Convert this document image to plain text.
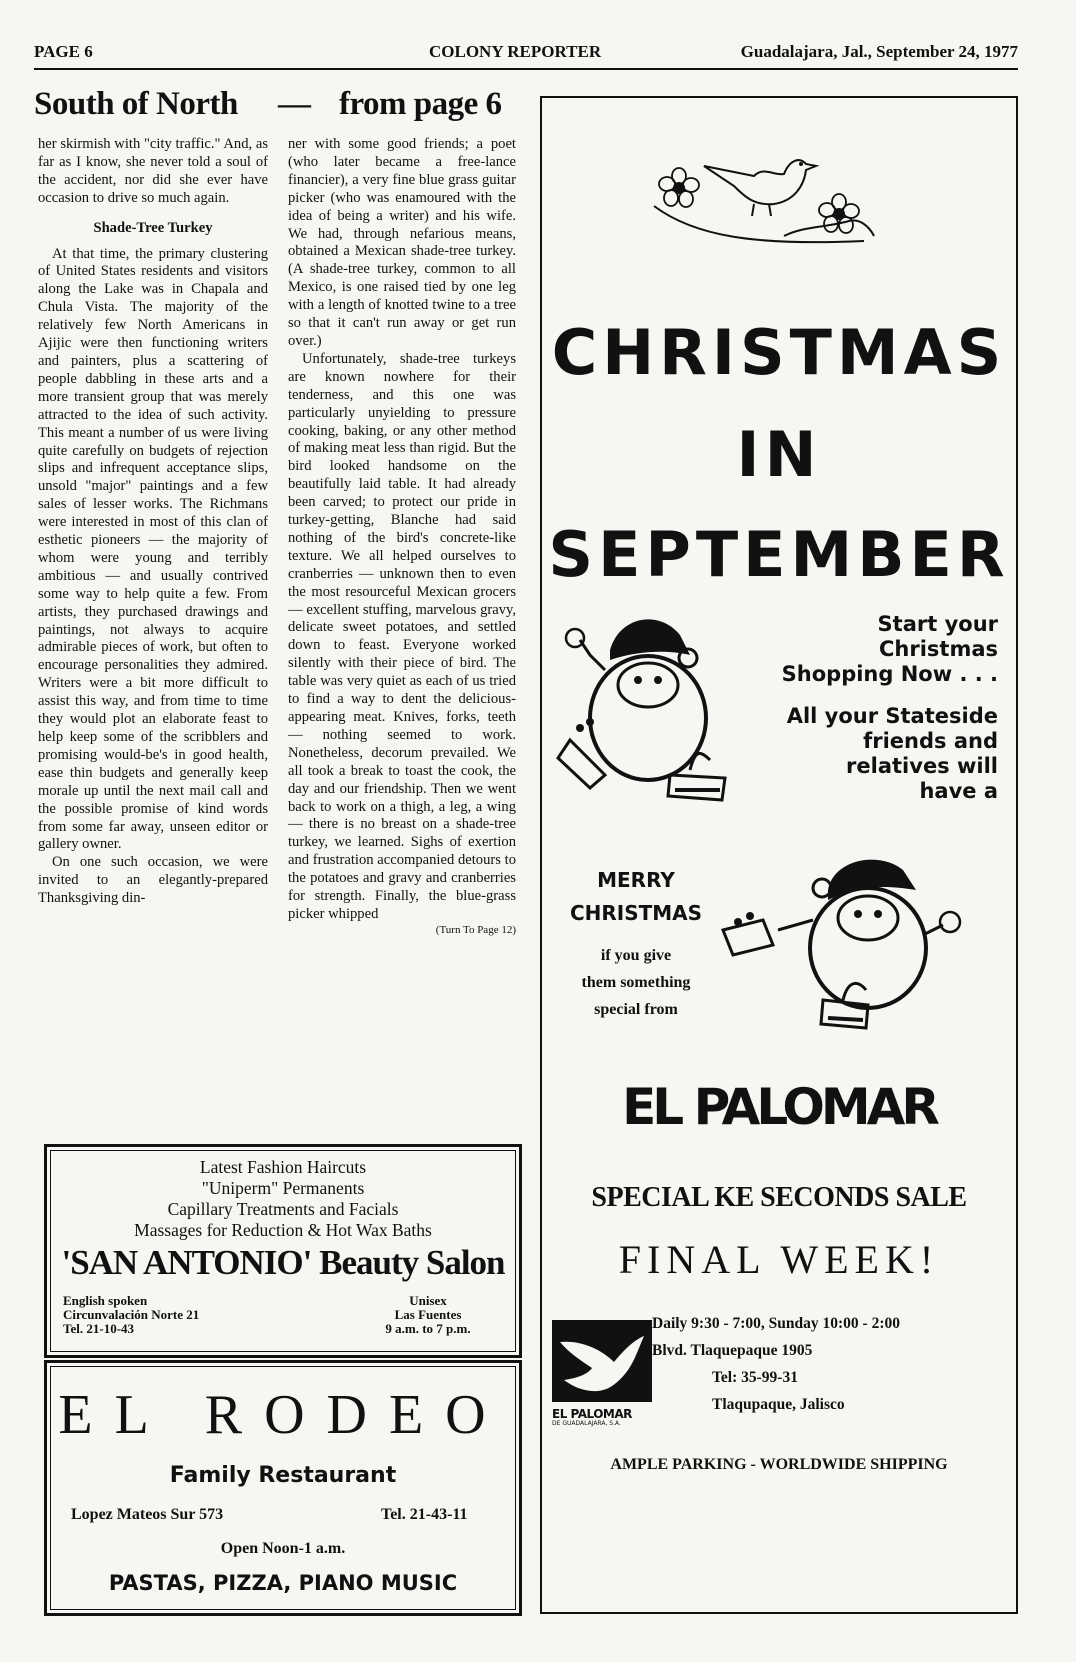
PAGE 6	COLONY REPORTER	Guadalajara, Jal., September 24, 1977
South of North — from page 6

her skirmish with "city traffic." And, as far as I know, she never told a soul of the accident, nor did she ever have occasion to drive so much again.

Shade-Tree Turkey

At that time, the primary clustering of United States residents and visitors along the Lake was in Chapala and Chula Vista. The majority of the relatively few North Americans in Ajijic were then functioning writers and painters, plus a scattering of people dabbling in these arts and a more transient group that was merely attracted to the idea of such activity. This meant a number of us were living quite carefully on budgets of rejection slips and infrequent acceptance slips, unsold "major" paintings and a few sales of lesser works. The Richmans were interested in most of this clan of esthetic pioneers — the majority of whom were young and terribly ambitious — and usually contrived some way to help quite a few. From artists, they purchased drawings and paintings, not always to acquire admirable pieces of work, but often to encourage personalities they admired. Writers were a bit more difficult to assist this way, and from time to time they would plot an elaborate feast to help keep some of the scribblers and promising would-be's in good health, ease thin budgets and generally keep morale up until the next mail call and the possible promise of kind words from some far away, unseen editor or gallery owner.

On one such occasion, we were invited to an elegantly-prepared Thanksgiving din-

ner with some good friends; a poet (who later became a free-lance financier), a very fine blue grass guitar picker (who was enamoured with the idea of being a writer) and his wife. We had, through nefarious means, obtained a Mexican shade-tree turkey. (A shade-tree turkey, common to all Mexico, is one raised tied by one leg with a length of knotted twine to a tree so that it can't run away or get run over.)

Unfortunately, shade-tree turkeys are known nowhere for their tenderness, and this one was particularly unyielding to pressure cooking, baking, or any other method of making meat less than rigid. But the bird looked handsome on the beautifully laid table. It had already been carved; to protect our pride in turkey-getting, Blanche had said nothing of the bird's concrete-like texture. We all helped ourselves to cranberries — unknown then to even the most resourceful Mexican grocers — excellent stuffing, marvelous gravy, delicate sweet potatoes, and settled down to feast. Everyone worked silently with their piece of bird. The table was very quiet as each of us tried to find a way to dent the delicious-appearing meat. Knives, forks, teeth — nothing seemed to work. Nonetheless, decorum prevailed. We all took a break to toast the cook, the day and our friendship. Then we went back to work on a thigh, a leg, a wing — there is no breast on a shade-tree turkey, we learned. Sighs of exertion and frustration accompanied detours to the potatoes and gravy and cranberries for strength. Finally, the blue-grass picker whipped

(Turn To Page 12)

Latest Fashion Haircuts
"Uniperm" Permanents
Capillary Treatments and Facials
Massages for Reduction & Hot Wax Baths
'SAN ANTONIO' Beauty Salon
English spoken
Circunvalación Norte 21
Tel. 21-10-43
Unisex
Las Fuentes
9 a.m. to 7 p.m.
EL RODEO
Family Restaurant
Lopez Mateos Sur 573	Tel. 21-43-11
Open Noon-1 a.m.
PASTAS, PIZZA, PIANO MUSIC
CHRISTMAS
IN
SEPTEMBER
Start your
Christmas
Shopping Now . . .
All your Stateside
friends and
relatives will
have a
MERRY
CHRISTMAS
if you give
them something
special from
EL PALOMAR
SPECIAL KE SECONDS SALE
FINAL WEEK!
EL PALOMAR
DE GUADALAJARA, S.A.
Daily 9:30 - 7:00, Sunday 10:00 - 2:00
Blvd. Tlaquepaque 1905
Tel: 35-99-31
Tlaqupaque, Jalisco
AMPLE PARKING - WORLDWIDE SHIPPING
